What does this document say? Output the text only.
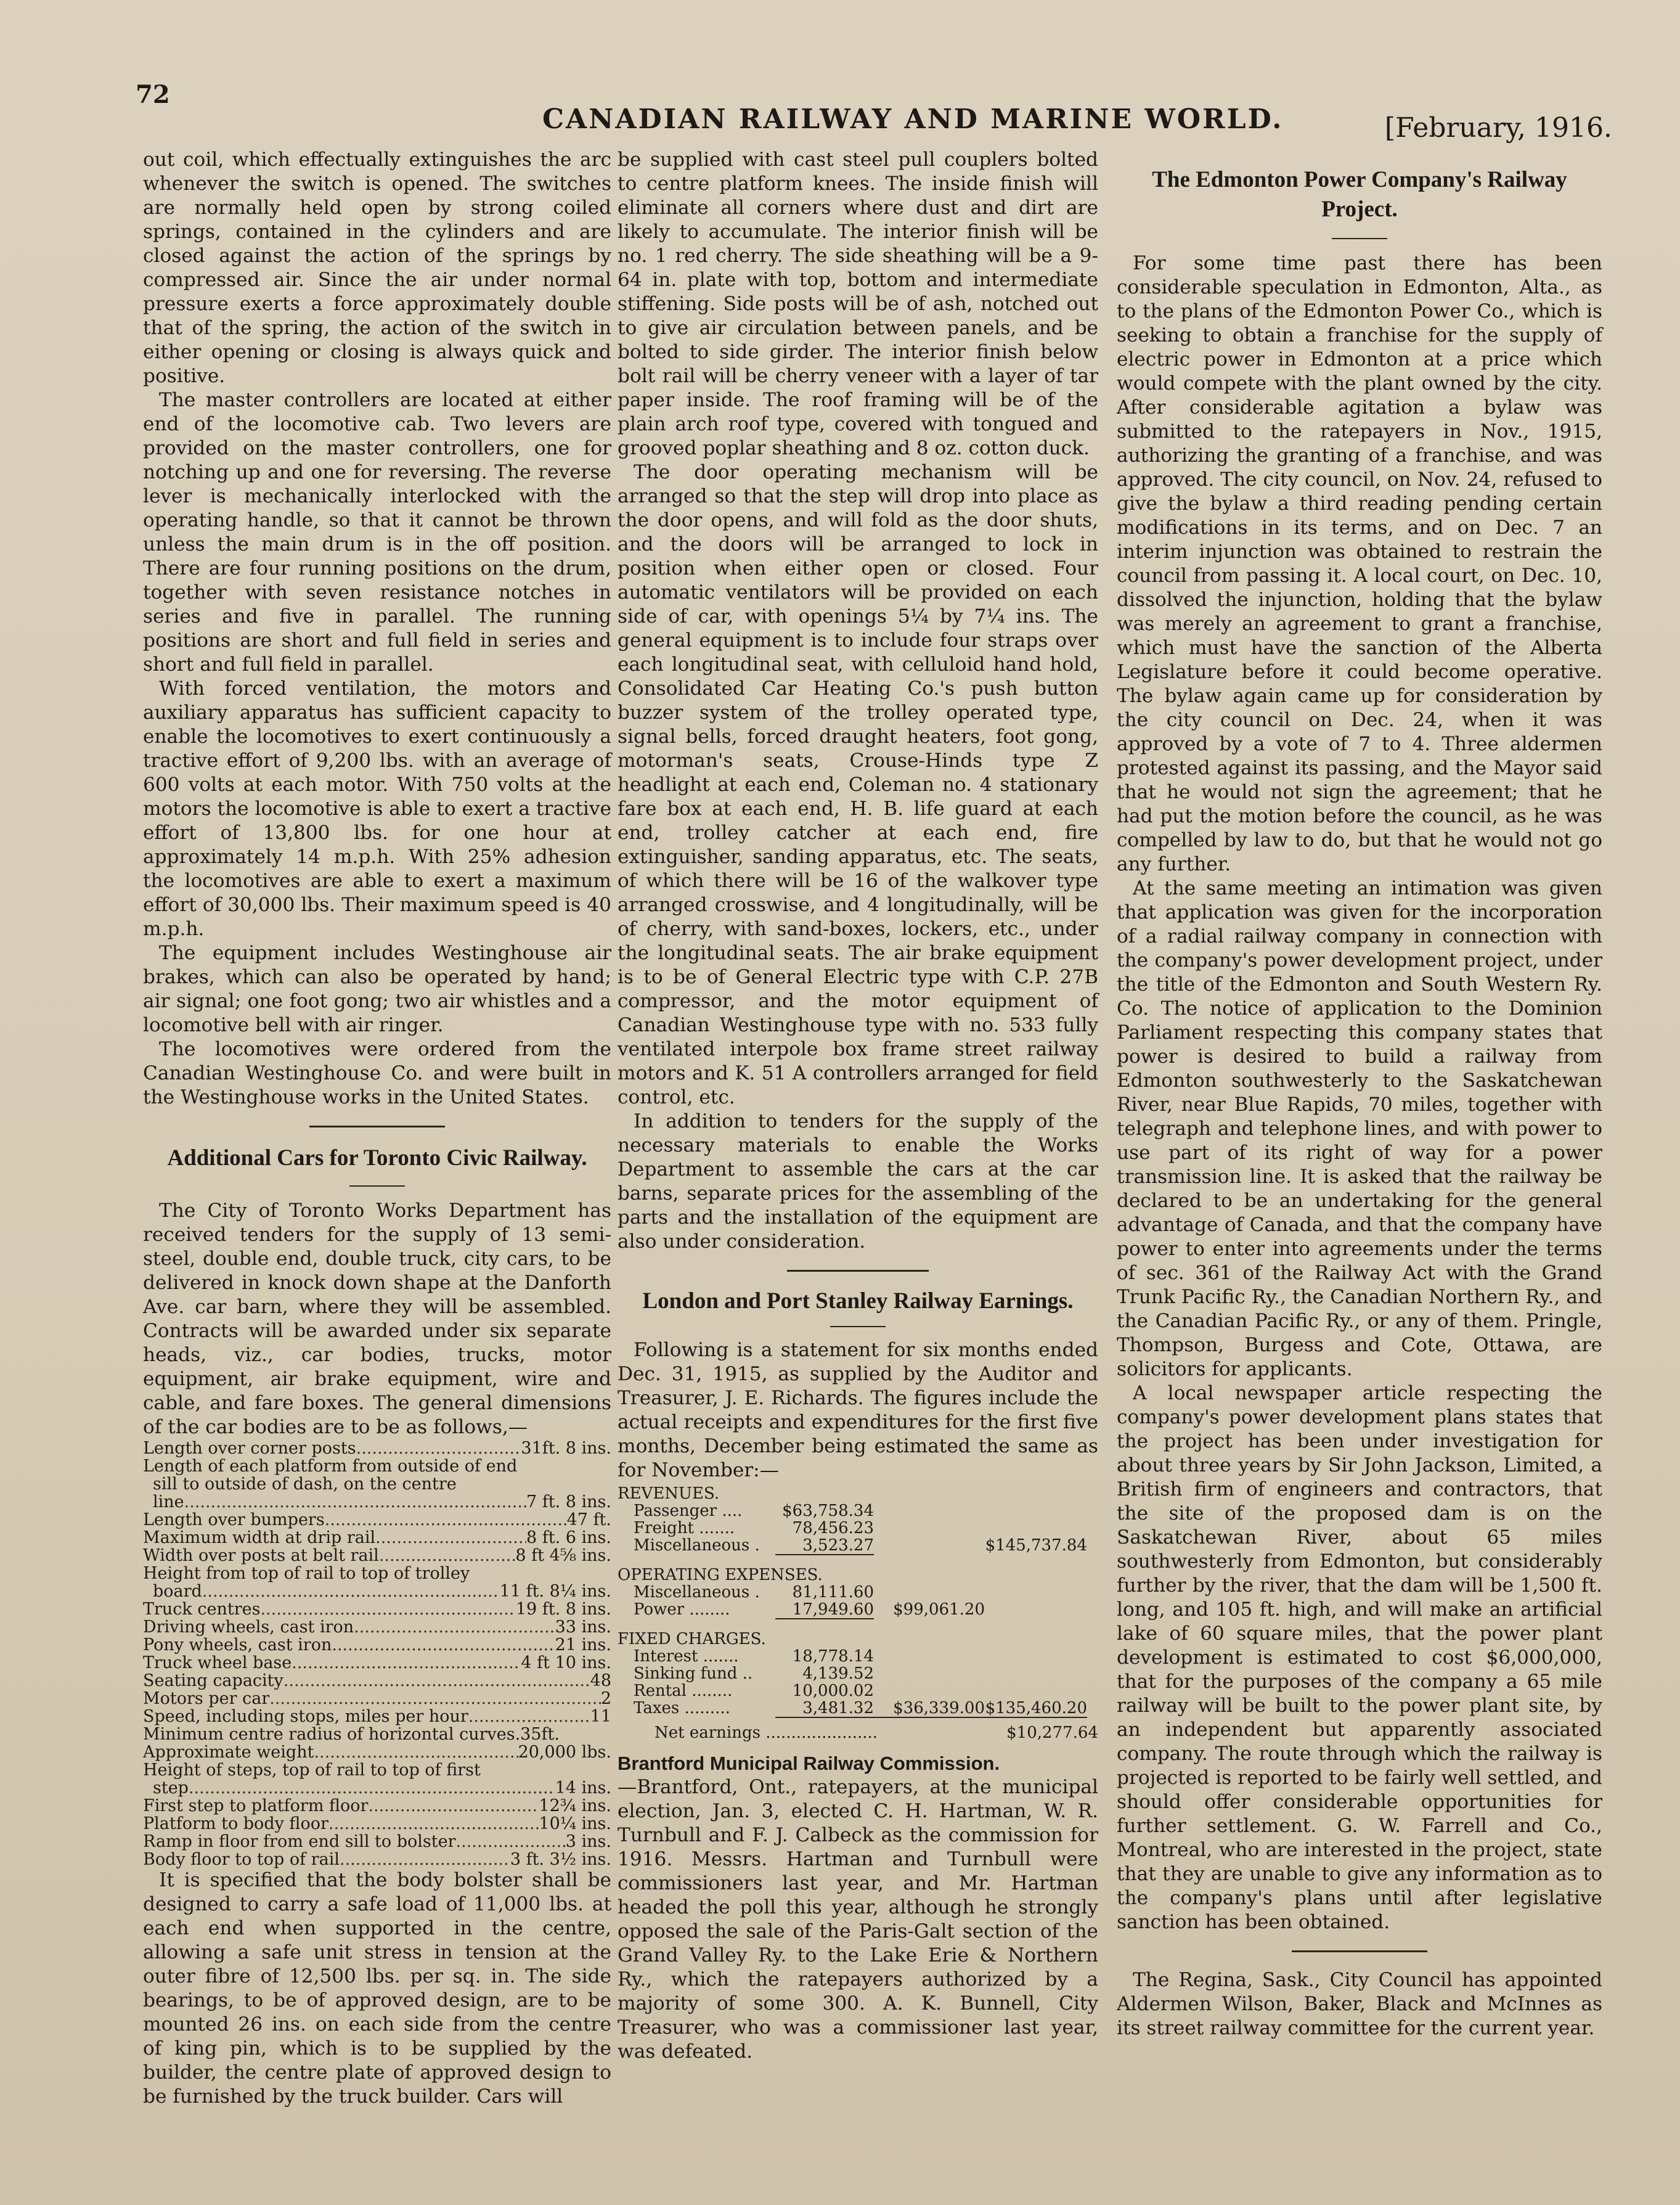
72
CANADIAN RAILWAY AND MARINE WORLD.	[February, 1916.

out coil, which effectually extinguishes the arc whenever the switch is opened. The switches are normally held open by strong coiled springs, contained in the cylinders and are closed against the action of the springs by compressed air. Since the air under normal pressure exerts a force approximately double that of the spring, the action of the switch in either opening or closing is always quick and positive.

The master controllers are located at either end of the locomotive cab. Two levers are provided on the master controllers, one for notching up and one for reversing. The reverse lever is mechanically interlocked with the operating handle, so that it cannot be thrown unless the main drum is in the off position. There are four running positions on the drum, together with seven resistance notches in series and five in parallel. The running positions are short and full field in series and short and full field in parallel.

With forced ventilation, the motors and auxiliary apparatus has sufficient capacity to enable the locomotives to exert continuously a tractive effort of 9,200 lbs. with an average of 600 volts at each motor. With 750 volts at the motors the locomotive is able to exert a tractive effort of 13,800 lbs. for one hour at approximately 14 m.p.h. With 25% adhesion the locomotives are able to exert a maximum effort of 30,000 lbs. Their maximum speed is 40 m.p.h.

The equipment includes Westinghouse air brakes, which can also be operated by hand; air signal; one foot gong; two air whistles and a locomotive bell with air ringer.

The locomotives were ordered from the Canadian Westinghouse Co. and were built in the Westinghouse works in the United States.

Additional Cars for Toronto Civic Railway.

The City of Toronto Works Department has received tenders for the supply of 13 semi-steel, double end, double truck, city cars, to be delivered in knock down shape at the Danforth Ave. car barn, where they will be assembled. Contracts will be awarded under six separate heads, viz., car bodies, trucks, motor equipment, air brake equipment, wire and cable, and fare boxes. The general dimensions of the car bodies are to be as follows,—

Length over corner posts .....	31ft. 8 ins.
Length of each platform from outside of end
sill to outside of dash, on the centre
line .....	7 ft. 8 ins.
Length over bumpers .....	47 ft.
Maximum width at drip rail .....	8 ft. 6 ins.
Width over posts at belt rail .....	8 ft 4⅝ ins.
Height from top of rail to top of trolley
board .....	11 ft. 8¼ ins.
Truck centres .....	19 ft. 8 ins.
Driving wheels, cast iron .....	33 ins.
Pony wheels, cast iron .....	21 ins.
Truck wheel base .....	4 ft 10 ins.
Seating capacity .....	48
Motors per car .....	2
Speed, including stops, miles per hour .....	11
Minimum centre radius of horizontal curves.35ft.
Approximate weight .....	20,000 lbs.
Height of steps, top of rail to top of first
step .....	14 ins.
First step to platform floor .....	12¾ ins.
Platform to body floor .....	10¼ ins.
Ramp in floor from end sill to bolster .....	3 ins.
Body floor to top of rail .....	3 ft. 3½ ins.

It is specified that the body bolster shall be designed to carry a safe load of 11,000 lbs. at each end when supported in the centre, allowing a safe unit stress in tension at the outer fibre of 12,500 lbs. per sq. in. The side bearings, to be of approved design, are to be mounted 26 ins. on each side from the centre of king pin, which is to be supplied by the builder, the centre plate of approved design to be furnished by the truck builder. Cars will

be supplied with cast steel pull couplers bolted to centre platform knees. The inside finish will eliminate all corners where dust and dirt are likely to accumulate. The interior finish will be no. 1 red cherry. The side sheathing will be a 9-64 in. plate with top, bottom and intermediate stiffening. Side posts will be of ash, notched out to give air circulation between panels, and be bolted to side girder. The interior finish below bolt rail will be cherry veneer with a layer of tar paper inside. The roof framing will be of the plain arch roof type, covered with tongued and grooved poplar sheathing and 8 oz. cotton duck.

The door operating mechanism will be arranged so that the step will drop into place as the door opens, and will fold as the door shuts, and the doors will be arranged to lock in position when either open or closed. Four automatic ventilators will be provided on each side of car, with openings 5¼ by 7¼ ins. The general equipment is to include four straps over each longitudinal seat, with celluloid hand hold, Consolidated Car Heating Co.'s push button buzzer system of the trolley operated type, signal bells, forced draught heaters, foot gong, motorman's seats, Crouse-Hinds type Z headlight at each end, Coleman no. 4 stationary fare box at each end, H. B. life guard at each end, trolley catcher at each end, fire extinguisher, sanding apparatus, etc. The seats, of which there will be 16 of the walkover type arranged crosswise, and 4 longitudinally, will be of cherry, with sand-boxes, lockers, etc., under the longitudinal seats. The air brake equipment is to be of General Electric type with C.P. 27B compressor, and the motor equipment of Canadian Westinghouse type with no. 533 fully ventilated interpole box frame street railway motors and K. 51 A controllers arranged for field control, etc.

In addition to tenders for the supply of the necessary materials to enable the Works Department to assemble the cars at the car barns, separate prices for the assembling of the parts and the installation of the equipment are also under consideration.

London and Port Stanley Railway Earnings.

Following is a statement for six months ended Dec. 31, 1915, as supplied by the Auditor and Treasurer, J. E. Richards. The figures include the actual receipts and expenditures for the first five months, December being estimated the same as for November:—

REVENUES.
Passenger ....	$63,758.34
Freight .......	78,456.23
Miscellaneous .	3,523.27	$145,737.84
OPERATING EXPENSES.
Miscellaneous .	81,111.60
Power ........	17,949.60	$99,061.20
FIXED CHARGES.
Interest .......	18,778.14
Sinking fund ..	4,139.52
Rental ........	10,000.02
Taxes .........	3,481.32	$36,339.00 $135,460.20
Net earnings ......................	$10,277.64
Brantford Municipal Railway Commission.

—Brantford, Ont., ratepayers, at the municipal election, Jan. 3, elected C. H. Hartman, W. R. Turnbull and F. J. Calbeck as the commission for 1916. Messrs. Hartman and Turnbull were commissioners last year, and Mr. Hartman headed the poll this year, although he strongly opposed the sale of the Paris-Galt section of the Grand Valley Ry. to the Lake Erie & Northern Ry., which the ratepayers authorized by a majority of some 300. A. K. Bunnell, City Treasurer, who was a commissioner last year, was defeated.

The Edmonton Power Company's Railway Project.

For some time past there has been considerable speculation in Edmonton, Alta., as to the plans of the Edmonton Power Co., which is seeking to obtain a franchise for the supply of electric power in Edmonton at a price which would compete with the plant owned by the city. After considerable agitation a bylaw was submitted to the ratepayers in Nov., 1915, authorizing the granting of a franchise, and was approved. The city council, on Nov. 24, refused to give the bylaw a third reading pending certain modifications in its terms, and on Dec. 7 an interim injunction was obtained to restrain the council from passing it. A local court, on Dec. 10, dissolved the injunction, holding that the bylaw was merely an agreement to grant a franchise, which must have the sanction of the Alberta Legislature before it could become operative. The bylaw again came up for consideration by the city council on Dec. 24, when it was approved by a vote of 7 to 4. Three aldermen protested against its passing, and the Mayor said that he would not sign the agreement; that he had put the motion before the council, as he was compelled by law to do, but that he would not go any further.

At the same meeting an intimation was given that application was given for the incorporation of a radial railway company in connection with the company's power development project, under the title of the Edmonton and South Western Ry. Co. The notice of application to the Dominion Parliament respecting this company states that power is desired to build a railway from Edmonton southwesterly to the Saskatchewan River, near Blue Rapids, 70 miles, together with telegraph and telephone lines, and with power to use part of its right of way for a power transmission line. It is asked that the railway be declared to be an undertaking for the general advantage of Canada, and that the company have power to enter into agreements under the terms of sec. 361 of the Railway Act with the Grand Trunk Pacific Ry., the Canadian Northern Ry., and the Canadian Pacific Ry., or any of them. Pringle, Thompson, Burgess and Cote, Ottawa, are solicitors for applicants.

A local newspaper article respecting the company's power development plans states that the project has been under investigation for about three years by Sir John Jackson, Limited, a British firm of engineers and contractors, that the site of the proposed dam is on the Saskatchewan River, about 65 miles southwesterly from Edmonton, but considerably further by the river, that the dam will be 1,500 ft. long, and 105 ft. high, and will make an artificial lake of 60 square miles, that the power plant development is estimated to cost $6,000,000, that for the purposes of the company a 65 mile railway will be built to the power plant site, by an independent but apparently associated company. The route through which the railway is projected is reported to be fairly well settled, and should offer considerable opportunities for further settlement. G. W. Farrell and Co., Montreal, who are interested in the project, state that they are unable to give any information as to the company's plans until after legislative sanction has been obtained.

The Regina, Sask., City Council has appointed Aldermen Wilson, Baker, Black and McInnes as its street railway committee for the current year.
